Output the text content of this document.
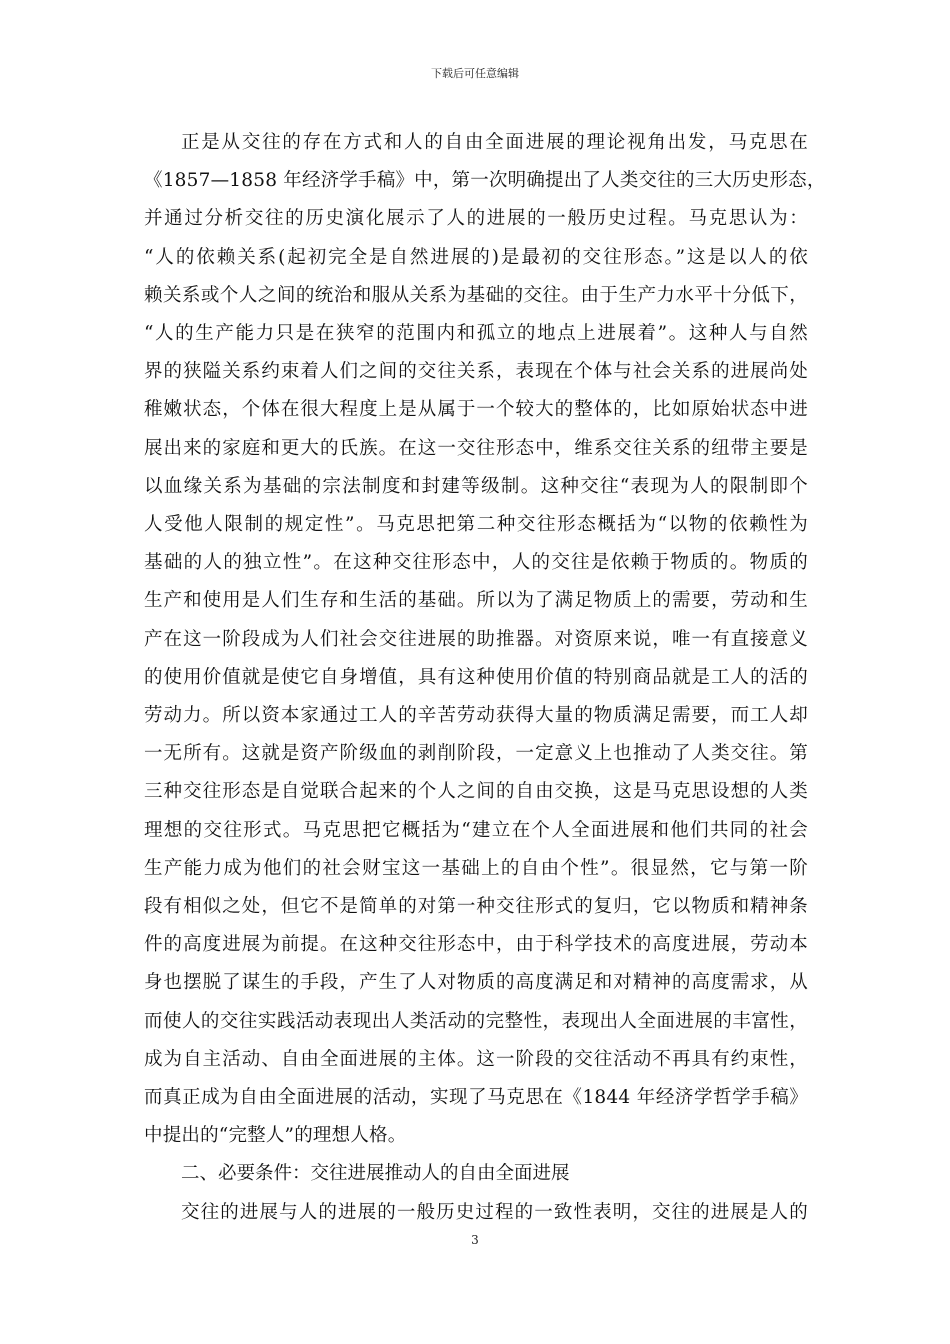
下载后可任意编辑
正是从交往的存在方式和人的自由全面进展的理论视角出发，马克思在
《1857—1858 年经济学手稿》中，第一次明确提出了人类交往的三大历史形态，
并通过分析交往的历史演化展示了人的进展的一般历史过程。马克思认为：
“人的依赖关系(起初完全是自然进展的)是最初的交往形态。”这是以人的依
赖关系或个人之间的统治和服从关系为基础的交往。由于生产力水平十分低下，
“人的生产能力只是在狭窄的范围内和孤立的地点上进展着”。这种人与自然
界的狭隘关系约束着人们之间的交往关系，表现在个体与社会关系的进展尚处
稚嫩状态，个体在很大程度上是从属于一个较大的整体的，比如原始状态中进
展出来的家庭和更大的氏族。在这一交往形态中，维系交往关系的纽带主要是
以血缘关系为基础的宗法制度和封建等级制。这种交往“表现为人的限制即个
人受他人限制的规定性”。马克思把第二种交往形态概括为“以物的依赖性为
基础的人的独立性”。在这种交往形态中，人的交往是依赖于物质的。物质的
生产和使用是人们生存和生活的基础。所以为了满足物质上的需要，劳动和生
产在这一阶段成为人们社会交往进展的助推器。对资原来说，唯一有直接意义
的使用价值就是使它自身增值，具有这种使用价值的特别商品就是工人的活的
劳动力。所以资本家通过工人的辛苦劳动获得大量的物质满足需要，而工人却
一无所有。这就是资产阶级血的剥削阶段，一定意义上也推动了人类交往。第
三种交往形态是自觉联合起来的个人之间的自由交换，这是马克思设想的人类
理想的交往形式。马克思把它概括为“建立在个人全面进展和他们共同的社会
生产能力成为他们的社会财宝这一基础上的自由个性”。很显然，它与第一阶
段有相似之处，但它不是简单的对第一种交往形式的复归，它以物质和精神条
件的高度进展为前提。在这种交往形态中，由于科学技术的高度进展，劳动本
身也摆脱了谋生的手段，产生了人对物质的高度满足和对精神的高度需求，从
而使人的交往实践活动表现出人类活动的完整性，表现出人全面进展的丰富性，
成为自主活动、自由全面进展的主体。这一阶段的交往活动不再具有约束性，
而真正成为自由全面进展的活动，实现了马克思在《1844 年经济学哲学手稿》
中提出的“完整人”的理想人格。
二、必要条件：交往进展推动人的自由全面进展
交往的进展与人的进展的一般历史过程的一致性表明，交往的进展是人的
3
